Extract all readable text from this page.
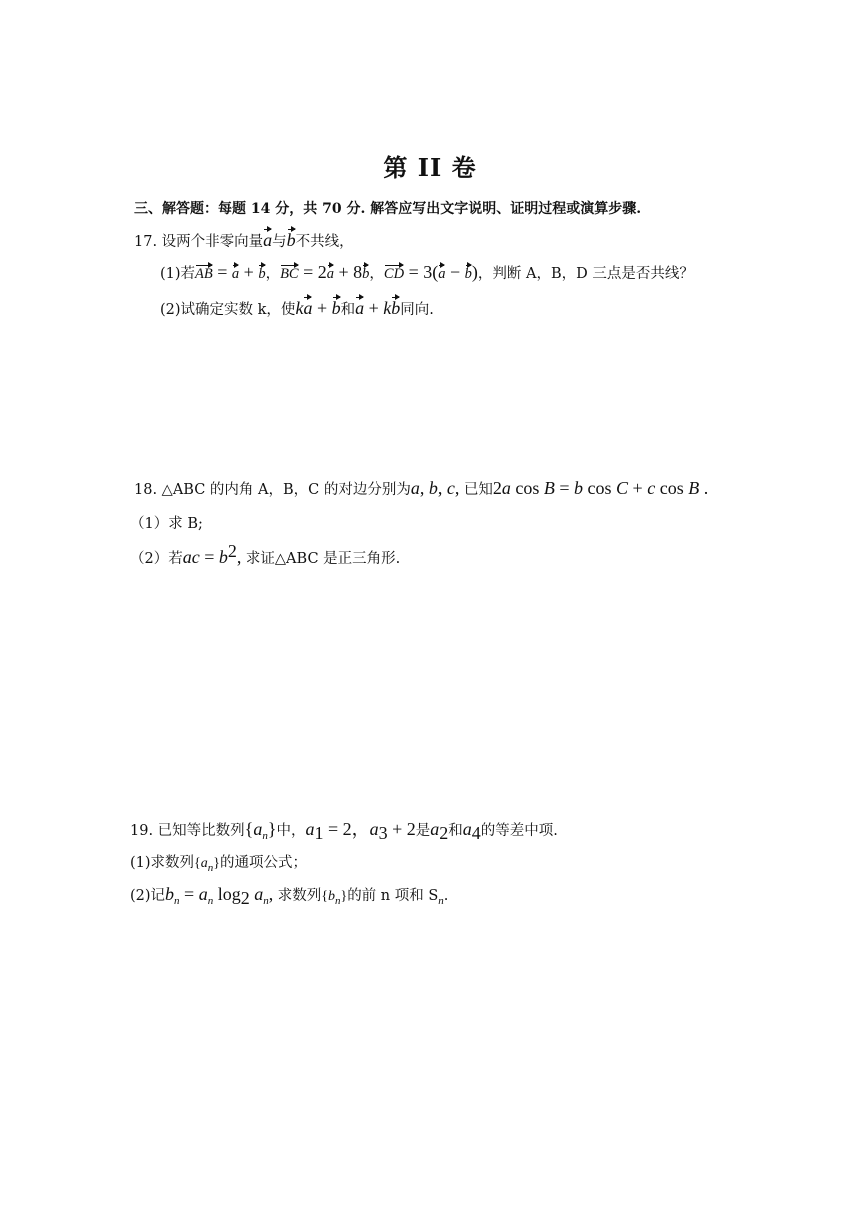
第 II 卷
三、解答题：每题 14 分，共 70 分. 解答应写出文字说明、证明过程或演算步骤.
17. 设两个非零向量a与b不共线，
(1)若AB = a + b，BC = 2a + 8b，CD = 3(a − b)，判断 A，B，D 三点是否共线？
(2)试确定实数 k，使ka + b和a + kb同向.
18. △ABC 的内角 A，B，C 的对边分别为a, b, c, 已知2a cos B = b cos C + c cos B .
（1）求 B;
（2）若ac = $b^2$, 求证△ABC 是正三角形.
19. 已知等比数列$\{a_n\}$中，$a_1 = 2$，$a_3 + 2$是$a_2$和$a_4$的等差中项.
(1)求数列$\{a_n\}$的通项公式；
(2)记$b_n = a_n$ $\log_2 a_n$, 求数列$\{b_n\}$的前 n 项和 $S_n$.
